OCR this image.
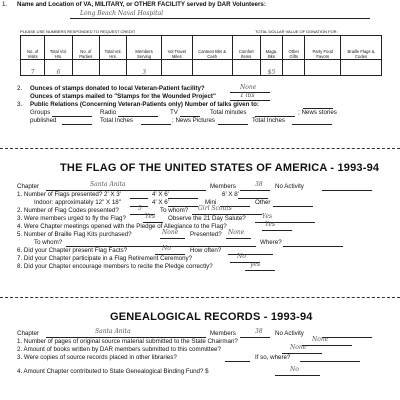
1. Name and Location of VA, MILITARY, or OTHER FACILITY served by DAR Volunteers:
Long Beach Naval Hospital
PLEASE USE NUMBERS RESPONDED TO REQUEST CREDIT	TOTAL DOLLAR VALUE OF DONATION FOR:
No. of Visits	Total Vol. Hrs.	No. of Parties	Total Vol. Hrs.	Members Serving	Vol Travel Miles	Canteen Bks & Cash	Comfort Items	Maga. Bks	Other Gifts	Party Food Favors	Braille Flags & Codes
7	6			3				$5			
2. Ounces of stamps donated to local Veteran-Patient facility?	None
Ounces of stamps mailed to "Stamps for the Wounded Project"	1 lbs
3. Public Relations (Concerning Veteran-Patients only) Number of talks given to:
Groups	Radio	TV	Total minutes	; News stories
published	Total Inches	; News Pictures	Total Inches
THE FLAG OF THE UNITED STATES OF AMERICA - 1993-94
Chapter	Santa Anita	Members	38 No Activity
1. Number of Flags presented? 2' X 3'	4' X 6'	6' X 8'
Indoor: approximately 12" X 18"	4' X 6'	Mini	Other
2. Number of Flag Codes presented?	5	To whom? Girl Scouts
3. Were members urged to fly the Flag?	Yes Observe the 21 Day Salute?	Yes
4. Were Chapter meetings opened with the Pledge of Allegiance to the Flag?	Yes
5. Number of Braille Flag Kits purchased?	None Presented? None
To whom?	Where?
6. Did your Chapter present Flag Facts?	No	How often?
7. Did your Chapter participate in a Flag Retirement Ceremony?	No
8. Did your Chapter encourage members to recite the Pledge correctly?	yes
GENEALOGICAL RECORDS - 1993-94
Chapter	Santa Anita	Members	38 No Activity
1. Number of pages of original source material submitted to the State Chairman?	None
2. Amount of books written by DAR members submitted to this committee?	None
3. Were copies of source records placed in other libraries?	If so, where?
4. Amount Chapter contributed to State Genealogical Binding Fund? $	No
